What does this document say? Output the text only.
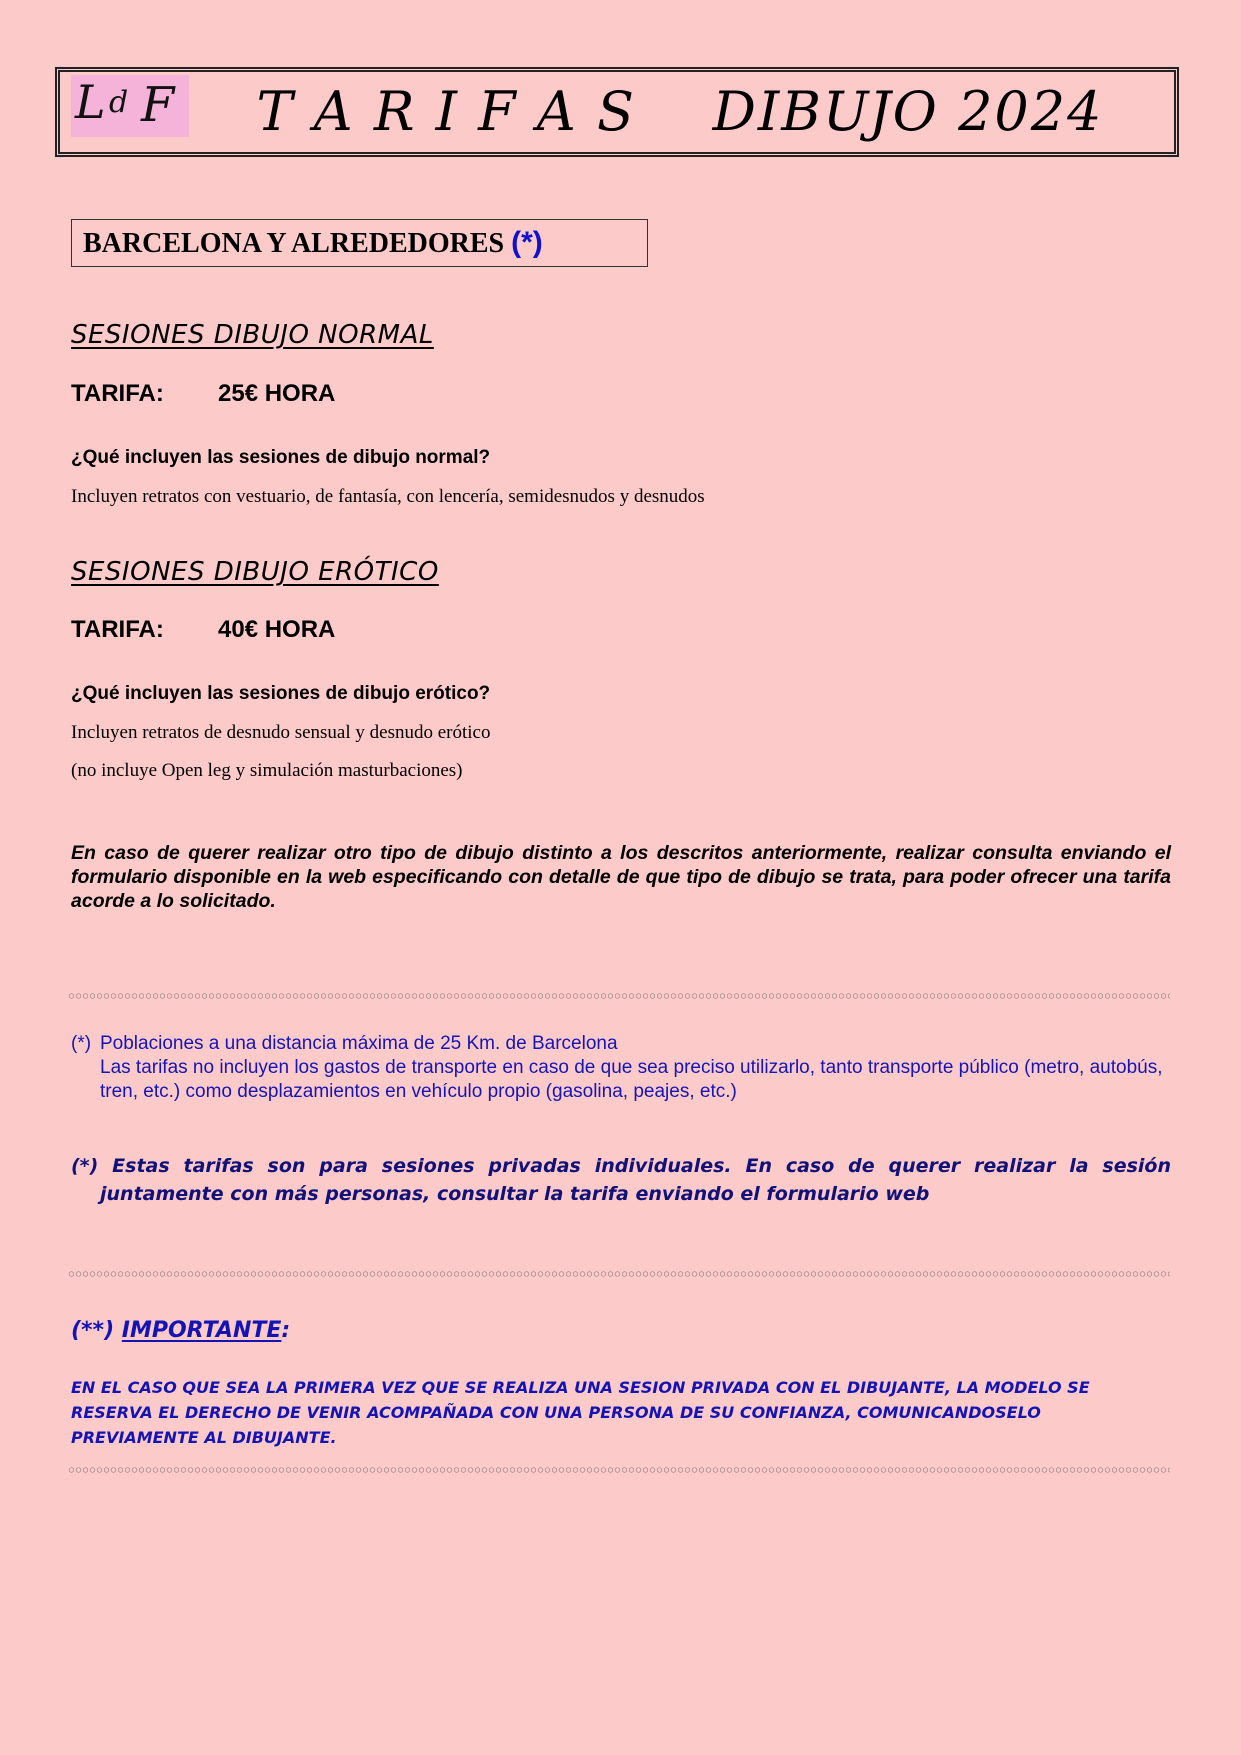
L d F	T A R I F A S    DIBUJO 2024
BARCELONA Y ALREDEDORES (*)
SESIONES DIBUJO NORMAL
TARIFA: 25€ HORA
¿Qué incluyen las sesiones de dibujo normal?
Incluyen retratos con vestuario, de fantasía, con lencería, semidesnudos y desnudos
SESIONES DIBUJO ERÓTICO
TARIFA: 40€ HORA
¿Qué incluyen las sesiones de dibujo erótico?
Incluyen retratos de desnudo sensual y desnudo erótico
(no incluye Open leg y simulación masturbaciones)
En caso de querer realizar otro tipo de dibujo distinto a los descritos anteriormente, realizar consulta enviando el formulario disponible en la web especificando con detalle de que tipo de dibujo se trata, para poder ofrecer una tarifa acorde a lo solicitado.
(*) Poblaciones a una distancia máxima de 25 Km. de Barcelona
Las tarifas no incluyen los gastos de transporte en caso de que sea preciso utilizarlo, tanto transporte público (metro, autobús, tren, etc.) como desplazamientos en vehículo propio (gasolina, peajes, etc.)
(*) Estas tarifas son para sesiones privadas individuales. En caso de querer realizar la sesión juntamente con más personas, consultar la tarifa enviando el formulario web
(**) IMPORTANTE:
EN EL CASO QUE SEA LA PRIMERA VEZ QUE SE REALIZA UNA SESION PRIVADA CON EL DIBUJANTE, LA MODELO SE RESERVA EL DERECHO DE VENIR ACOMPAÑADA CON UNA PERSONA DE SU CONFIANZA, COMUNICANDOSELO PREVIAMENTE AL DIBUJANTE.
